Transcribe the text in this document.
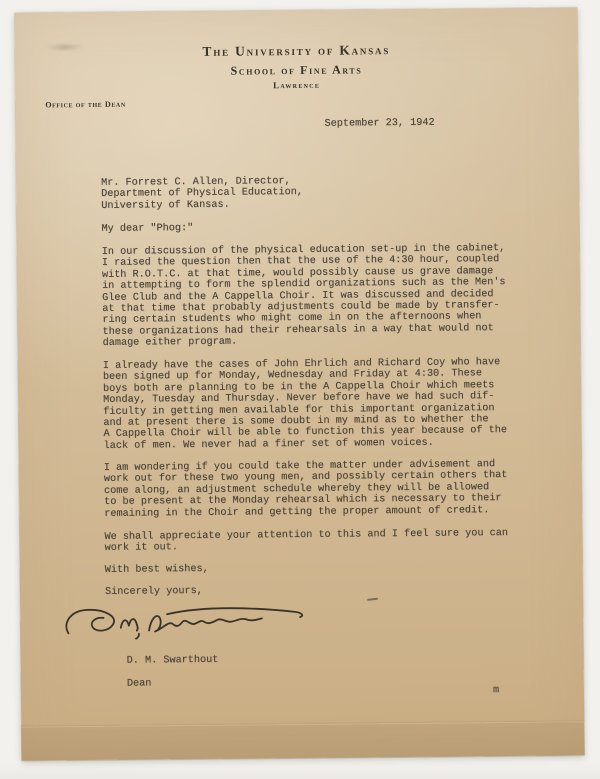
The University of Kansas
School of Fine Arts
Lawrence
Office of the Dean
September 23, 1942
Mr. Forrest C. Allen, Director,
Department of Physical Education,
University of Kansas.
My dear "Phog:"
In our discussion of the physical education set-up in the cabinet,
I raised the question then that the use of the 4:30 hour, coupled
with R.O.T.C. at that time, would possibly cause us grave damage
in attempting to form the splendid organizations such as the Men's
Glee Club and the A Cappella Choir. It was discussed and decided
at that time that probably adjustments could be made by transfer-
ring certain students who might come in on the afternoons when
these organizations had their rehearsals in a way that would not
damage either program.
I already have the cases of John Ehrlich and Richard Coy who have
been signed up for Monday, Wednesday and Friday at 4:30. These
boys both are planning to be in the A Cappella Choir which meets
Monday, Tuesday and Thursday. Never before have we had such dif-
ficulty in getting men available for this important organization
and at present there is some doubt in my mind as to whether the
A Cappella Choir will be able to function this year because of the
lack of men. We never had a finer set of women voices.
I am wondering if you could take the matter under advisement and
work out for these two young men, and possibly certain others that
come along, an adjustment schedule whereby they will be allowed
to be present at the Monday rehearsal which is necessary to their
remaining in the Choir and getting the proper amount of credit.
We shall appreciate your attention to this and I feel sure you can
work it out.
With best wishes,
Sincerely yours,

D. M. Swarthout

Dean

m
